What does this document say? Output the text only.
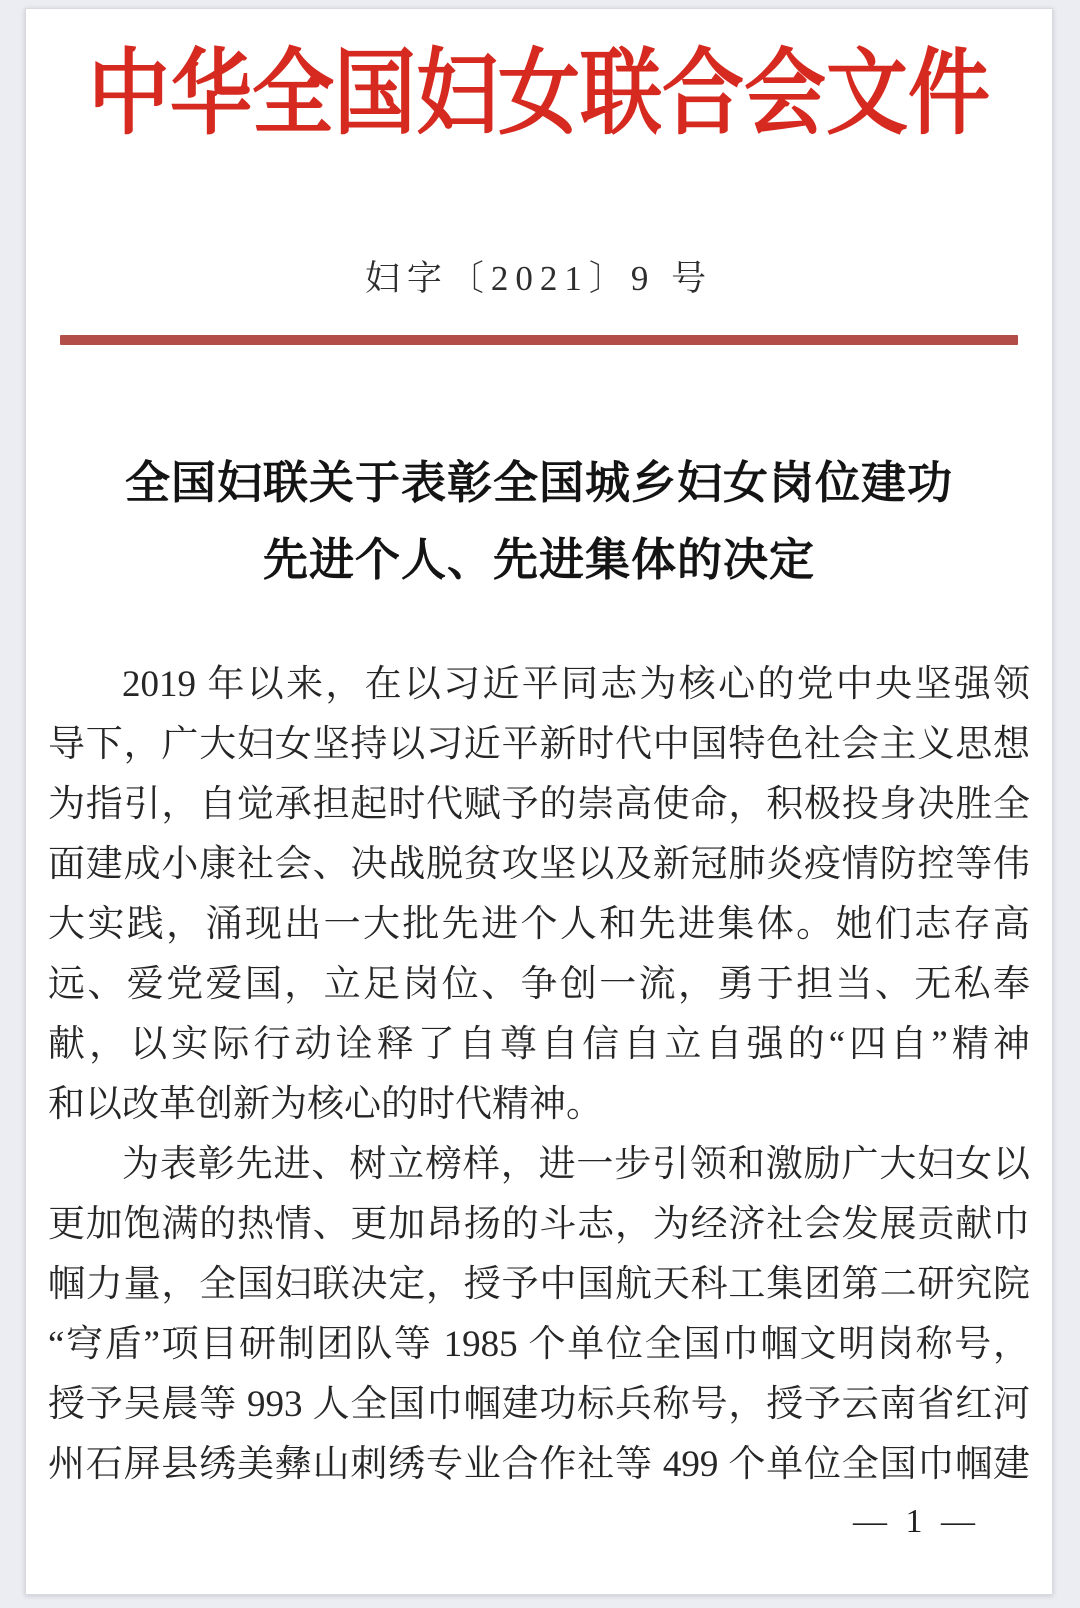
中华全国妇女联合会文件
妇字〔2021〕9 号
全国妇联关于表彰全国城乡妇女岗位建功
先进个人、先进集体的决定
2019 年以来，在以习近平同志为核心的党中央坚强领
导下，广大妇女坚持以习近平新时代中国特色社会主义思想
为指引，自觉承担起时代赋予的崇高使命，积极投身决胜全
面建成小康社会、决战脱贫攻坚以及新冠肺炎疫情防控等伟
大实践，涌现出一大批先进个人和先进集体。她们志存高
远、爱党爱国，立足岗位、争创一流，勇于担当、无私奉
献，以实际行动诠释了自尊自信自立自强的“四自”精神
和以改革创新为核心的时代精神。
为表彰先进、树立榜样，进一步引领和激励广大妇女以
更加饱满的热情、更加昂扬的斗志，为经济社会发展贡献巾
帼力量，全国妇联决定，授予中国航天科工集团第二研究院
“穹盾”项目研制团队等 1985 个单位全国巾帼文明岗称号，
授予吴晨等 993 人全国巾帼建功标兵称号，授予云南省红河
州石屏县绣美彝山刺绣专业合作社等 499 个单位全国巾帼建
— 1 —
